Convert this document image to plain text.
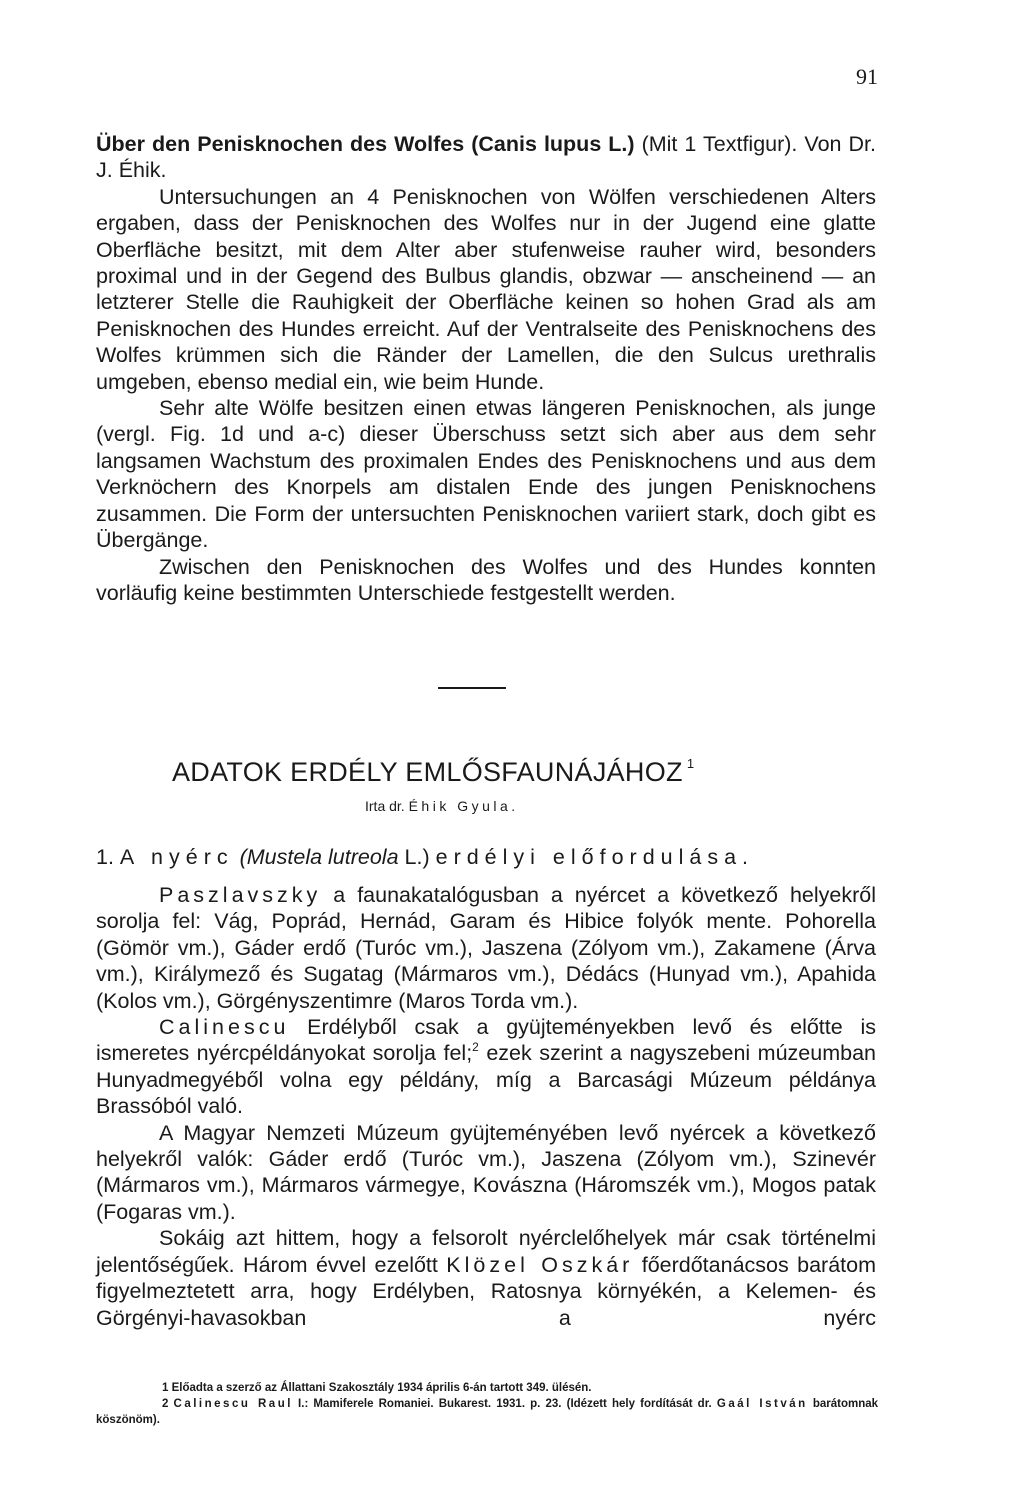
91

Über den Penisknochen des Wolfes (Canis lupus L.) (Mit 1 Textfigur). Von Dr. J. Éhik.

Untersuchungen an 4 Penisknochen von Wölfen verschiedenen Alters ergaben, dass der Penisknochen des Wolfes nur in der Jugend eine glatte Oberfläche besitzt, mit dem Alter aber stufenweise rauher wird, besonders proximal und in der Gegend des Bulbus glandis, obzwar — anscheinend — an letzterer Stelle die Rauhigkeit der Oberfläche keinen so hohen Grad als am Penisknochen des Hundes erreicht. Auf der Ventralseite des Penisknochens des Wolfes krümmen sich die Ränder der Lamellen, die den Sulcus urethralis umgeben, ebenso medial ein, wie beim Hunde.

Sehr alte Wölfe besitzen einen etwas längeren Penisknochen, als junge (vergl. Fig. 1d und a-c) dieser Überschuss setzt sich aber aus dem sehr langsamen Wachstum des proximalen Endes des Penisknochens und aus dem Verknöchern des Knorpels am distalen Ende des jungen Penisknochens zusammen. Die Form der untersuchten Penisknochen variiert stark, doch gibt es Übergänge.

Zwischen den Penisknochen des Wolfes und des Hundes konnten vorläufig keine bestimmten Unterschiede festgestellt werden.

ADATOK ERDÉLY EMLŐSFAUNÁJÁHOZ $^1$
Irta dr. Éhik Gyula.
1. A nyérc (Mustela lutreola L.) erdélyi előfordulása.

Paszlavszky a faunakatalógusban a nyércet a következő helyekről sorolja fel: Vág, Poprád, Hernád, Garam és Hibice folyók mente. Pohorella (Gömör vm.), Gáder erdő (Turóc vm.), Jaszena (Zólyom vm.), Zakamene (Árva vm.), Királymező és Sugatag (Mármaros vm.), Dédács (Hunyad vm.), Apahida (Kolos vm.), Görgényszentimre (Maros Torda vm.).

Calinescu Erdélyből csak a gyüjteményekben levő és előtte is ismeretes nyércpéldányokat sorolja fel;$^2$ ezek szerint a nagyszebeni múzeumban Hunyadmegyéből volna egy példány, míg a Barcasági Múzeum példánya Brassóból való.

A Magyar Nemzeti Múzeum gyüjteményében levő nyércek a következő helyekről valók: Gáder erdő (Turóc vm.), Jaszena (Zólyom vm.), Szinevér (Mármaros vm.), Mármaros vármegye, Kovászna (Háromszék vm.), Mogos patak (Fogaras vm.).

Sokáig azt hittem, hogy a felsorolt nyérclelőhelyek már csak történelmi jelentőségűek. Három évvel ezelőtt Klözel Oszkár főerdőtanácsos barátom figyelmeztetett arra, hogy Erdélyben, Ratosnya környékén, a Kelemen- és Görgényi-havasokban a nyérc

1 Előadta a szerző az Állattani Szakosztály 1934 április 6-án tartott 349. ülésén.

2 Calinescu Raul I.: Mamiferele Romaniei. Bukarest. 1931. p. 23. (Idézett hely fordítását dr. Gaál István barátomnak köszönöm).
